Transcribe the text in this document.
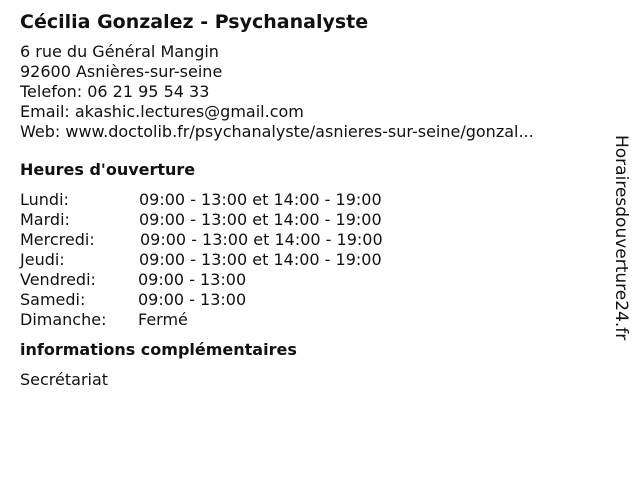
Cécilia Gonzalez - Psychanalyste
6 rue du Général Mangin
92600 Asnières-sur-seine
Telefon: 06 21 95 54 33
Email: akashic.lectures@gmail.com
Web: www.doctolib.fr/psychanalyste/asnieres-sur-seine/gonzal...
Heures d'ouverture
Lundi:	09:00 - 13:00 et 14:00 - 19:00
Mardi:	09:00 - 13:00 et 14:00 - 19:00
Mercredi:	09:00 - 13:00 et 14:00 - 19:00
Jeudi:	09:00 - 13:00 et 14:00 - 19:00
Vendredi:	09:00 - 13:00
Samedi:	09:00 - 13:00
Dimanche:	Fermé
informations complémentaires
Secrétariat
Horairesdouverture24.fr
